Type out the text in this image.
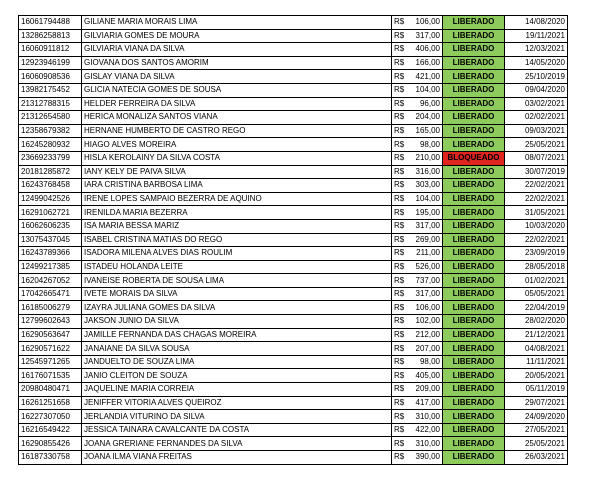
16061794488	GILIANE MARIA MORAIS LIMA	R$ 106,00	LIBERADO	14/08/2020
13286258813	GILVIARIA GOMES DE MOURA	R$ 317,00	LIBERADO	19/11/2021
16060911812	GILVIARIA VIANA DA SILVA	R$ 406,00	LIBERADO	12/03/2021
12923946199	GIOVANA DOS SANTOS AMORIM	R$ 166,00	LIBERADO	14/05/2020
16060908536	GISLAY VIANA DA SILVA	R$ 421,00	LIBERADO	25/10/2019
13982175452	GLICIA NATECIA GOMES DE SOUSA	R$ 104,00	LIBERADO	09/04/2020
21312788315	HELDER FERREIRA DA SILVA	R$ 96,00	LIBERADO	03/02/2021
21312654580	HERICA MONALIZA SANTOS VIANA	R$ 204,00	LIBERADO	02/02/2021
12358679382	HERNANE HUMBERTO DE CASTRO REGO	R$ 165,00	LIBERADO	09/03/2021
16245280932	HIAGO ALVES MOREIRA	R$ 98,00	LIBERADO	25/05/2021
23669233799	HISLA KEROLAINY DA SILVA COSTA	R$ 210,00	BLOQUEADO	08/07/2021
20181285872	IANY KELY DE PAIVA SILVA	R$ 316,00	LIBERADO	30/07/2019
16243768458	IARA CRISTINA BARBOSA LIMA	R$ 303,00	LIBERADO	22/02/2021
12499042526	IRENE LOPES SAMPAIO BEZERRA DE AQUINO	R$ 104,00	LIBERADO	22/02/2021
16291062721	IRENILDA MARIA BEZERRA	R$ 195,00	LIBERADO	31/05/2021
16062606235	ISA MARIA BESSA MARIZ	R$ 317,00	LIBERADO	10/03/2020
13075437045	ISABEL CRISTINA MATIAS DO REGO	R$ 269,00	LIBERADO	22/02/2021
16243789366	ISADORA MILENA ALVES DIAS ROULIM	R$ 211,00	LIBERADO	23/09/2019
12499217385	ISTADEU HOLANDA LEITE	R$ 526,00	LIBERADO	28/05/2018
16204267052	IVANEISE ROBERTA DE SOUSA LIMA	R$ 737,00	LIBERADO	01/02/2021
17042665471	IVETE MORAIS DA SILVA	R$ 317,00	LIBERADO	05/05/2021
16185006279	IZAYRA JULIANA GOMES DA SILVA	R$ 106,00	LIBERADO	22/04/2019
12799602643	JAKSON JUNIO DA SILVA	R$ 102,00	LIBERADO	28/02/2020
16290563647	JAMILLE FERNANDA DAS CHAGAS MOREIRA	R$ 212,00	LIBERADO	21/12/2021
16290571622	JANAIANE DA SILVA SOUSA	R$ 207,00	LIBERADO	04/08/2021
12545971265	JANDUELTO DE SOUZA LIMA	R$ 98,00	LIBERADO	11/11/2021
16176071535	JANIO CLEITON DE SOUZA	R$ 405,00	LIBERADO	20/05/2021
20980480471	JAQUELINE MARIA CORREIA	R$ 209,00	LIBERADO	05/11/2019
16261251658	JENIFFER VITORIA ALVES QUEIROZ	R$ 417,00	LIBERADO	29/07/2021
16227307050	JERLANDIA VITURINO DA SILVA	R$ 310,00	LIBERADO	24/09/2020
16216549422	JESSICA TAINARA CAVALCANTE DA COSTA	R$ 422,00	LIBERADO	27/05/2021
16290855426	JOANA GRERIANE FERNANDES DA SILVA	R$ 310,00	LIBERADO	25/05/2021
16187330758	JOANA ILMA VIANA FREITAS	R$ 390,00	LIBERADO	26/03/2021
